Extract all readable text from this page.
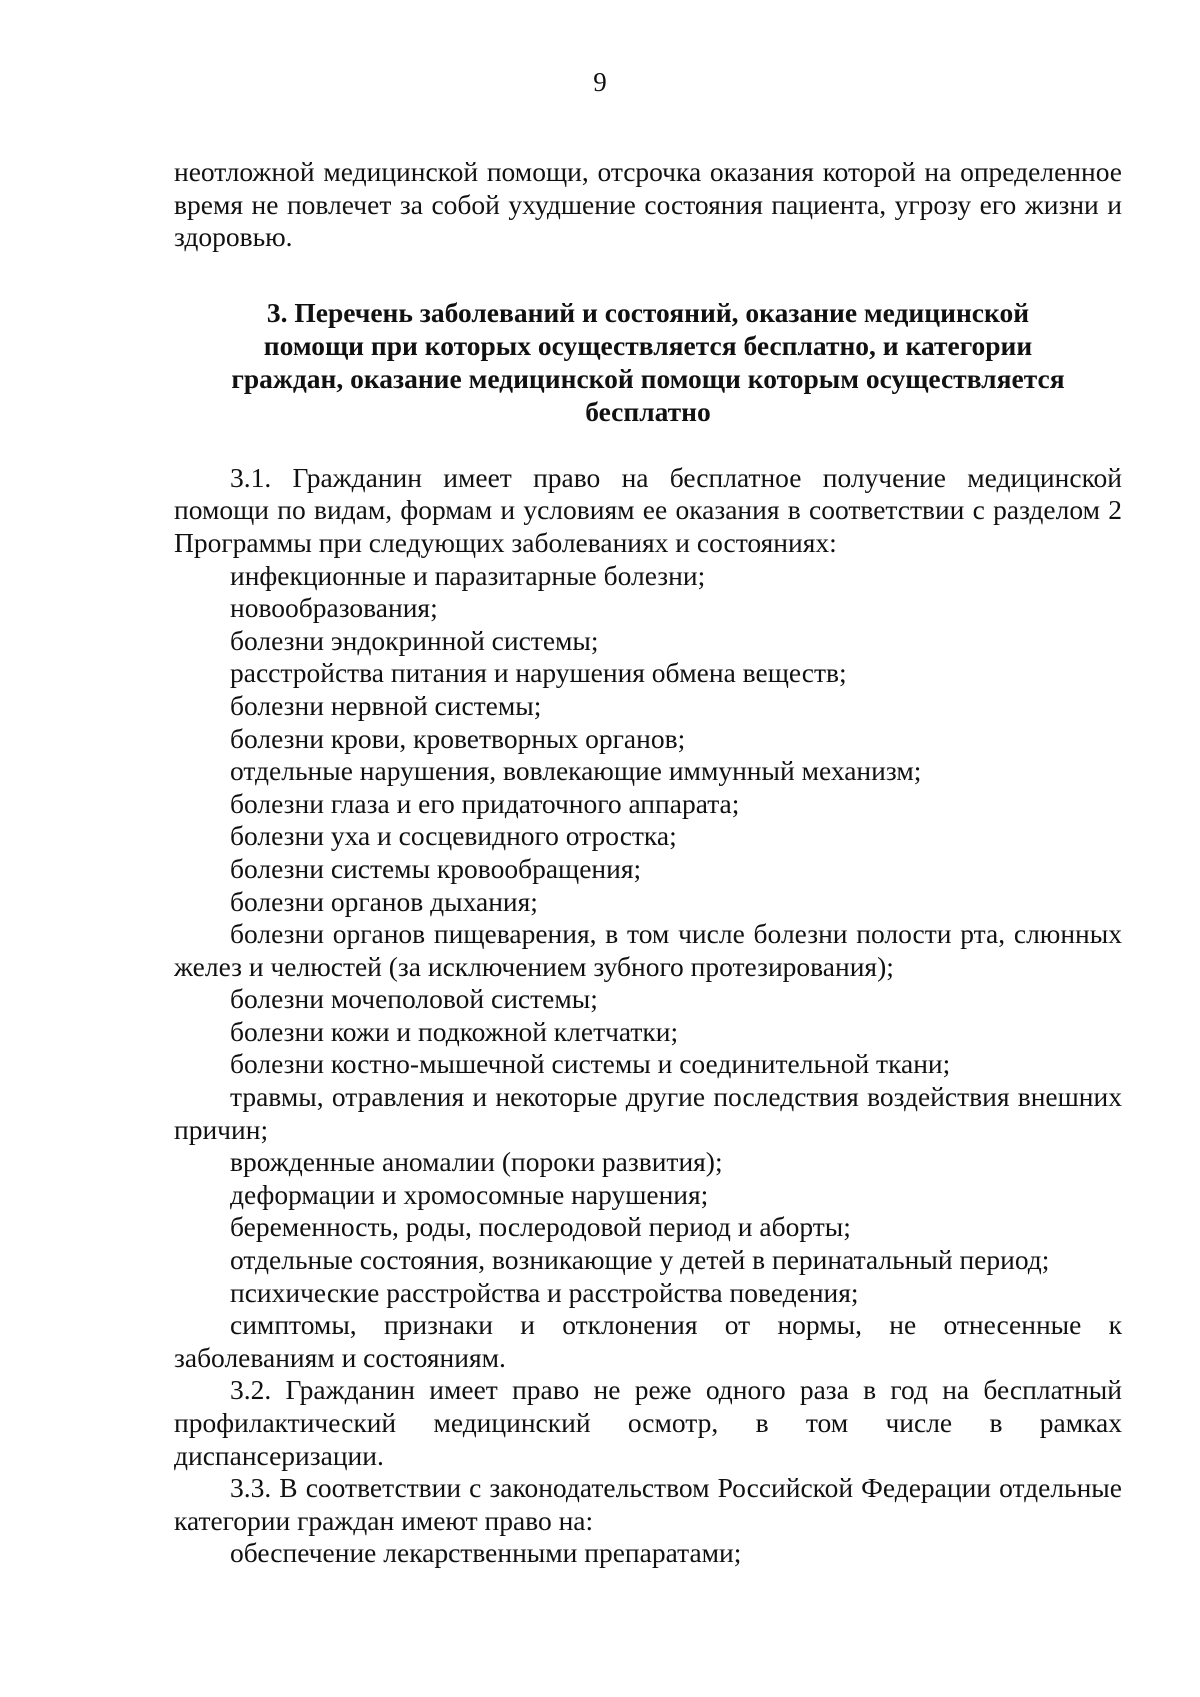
9

неотложной медицинской помощи, отсрочка оказания которой на определенное время не повлечет за собой ухудшение состояния пациента, угрозу его жизни и здоровью.

3. Перечень заболеваний и состояний, оказание медицинской
помощи при которых осуществляется бесплатно, и категории
граждан, оказание медицинской помощи которым осуществляется
бесплатно

3.1. Гражданин имеет право на бесплатное получение медицинской помощи по видам, формам и условиям ее оказания в соответствии с разделом 2 Программы при следующих заболеваниях и состояниях:

инфекционные и паразитарные болезни;

новообразования;

болезни эндокринной системы;

расстройства питания и нарушения обмена веществ;

болезни нервной системы;

болезни крови, кроветворных органов;

отдельные нарушения, вовлекающие иммунный механизм;

болезни глаза и его придаточного аппарата;

болезни уха и сосцевидного отростка;

болезни системы кровообращения;

болезни органов дыхания;

болезни органов пищеварения, в том числе болезни полости рта, слюнных желез и челюстей (за исключением зубного протезирования);

болезни мочеполовой системы;

болезни кожи и подкожной клетчатки;

болезни костно-мышечной системы и соединительной ткани;

травмы, отравления и некоторые другие последствия воздействия внешних причин;

врожденные аномалии (пороки развития);

деформации и хромосомные нарушения;

беременность, роды, послеродовой период и аборты;

отдельные состояния, возникающие у детей в перинатальный период;

психические расстройства и расстройства поведения;

симптомы, признаки и отклонения от нормы, не отнесенные к заболеваниям и состояниям.

3.2. Гражданин имеет право не реже одного раза в год на бесплатный профилактический медицинский осмотр, в том числе в рамках диспансеризации.

3.3. В соответствии с законодательством Российской Федерации отдельные категории граждан имеют право на:

обеспечение лекарственными препаратами;
